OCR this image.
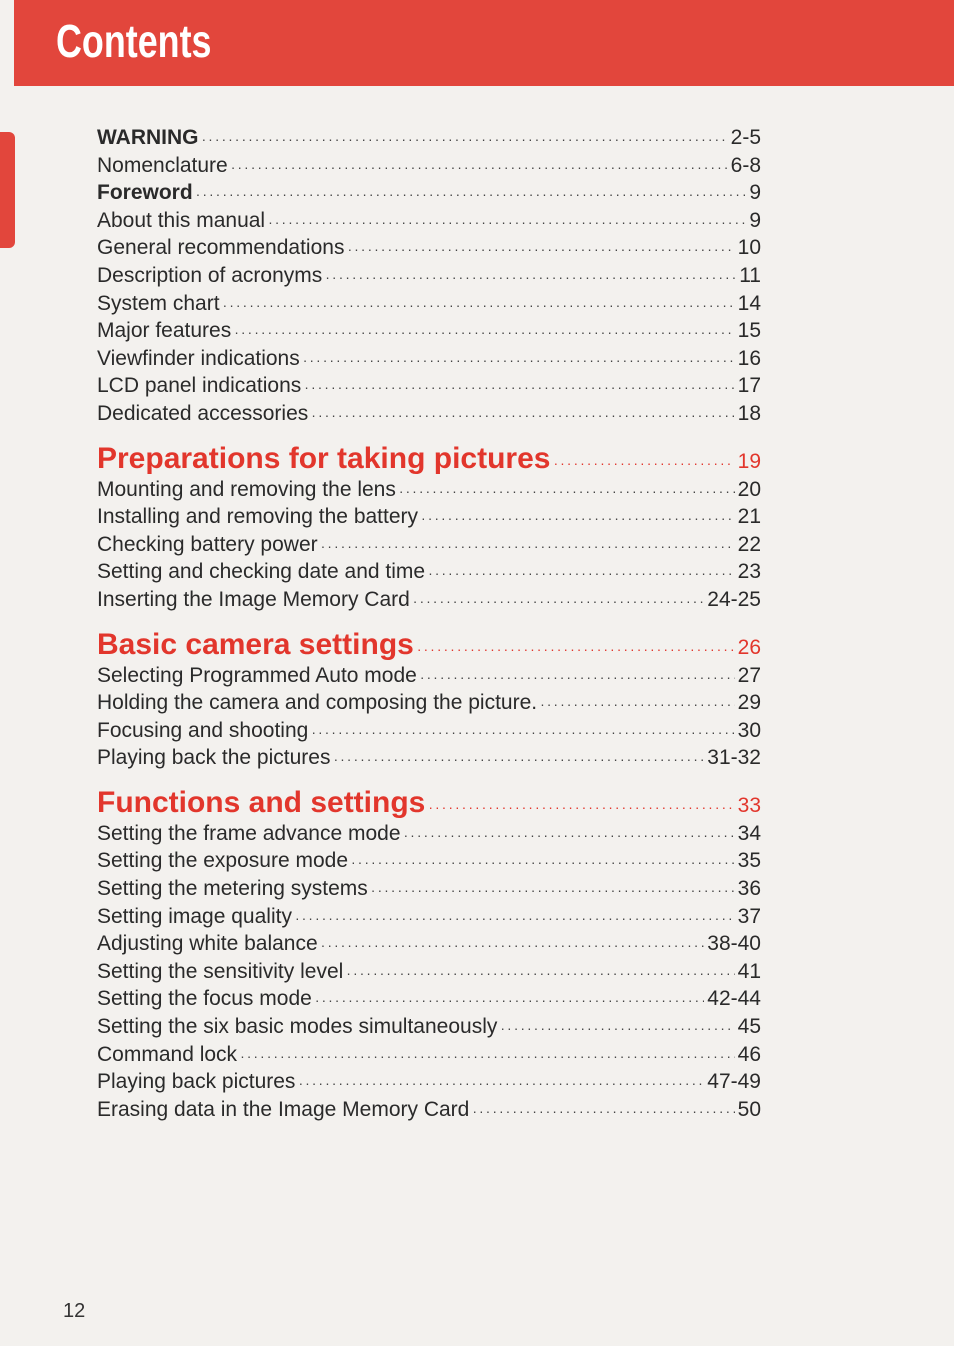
Contents
WARNING ·····	2-5
Nomenclature ·····	6-8
Foreword ·····	9
About this manual ·····	9
General recommendations ·····	10
Description of acronyms ·····	11
System chart ·····	14
Major features ·····	15
Viewfinder indications ·····	16
LCD panel indications ·····	17
Dedicated accessories ·····	18
Preparations for taking pictures ·····	19
Mounting and removing the lens ·····	20
Installing and removing the battery ·····	21
Checking battery power ·····	22
Setting and checking date and time ·····	23
Inserting the Image Memory Card ·····	24-25
Basic camera settings ·····	26
Selecting Programmed Auto mode ·····	27
Holding the camera and composing the picture. ·····	29
Focusing and shooting ·····	30
Playing back the pictures ·····	31-32
Functions and settings ·····	33
Setting the frame advance mode ·····	34
Setting the exposure mode ·····	35
Setting the metering systems ·····	36
Setting image quality ·····	37
Adjusting white balance ·····	38-40
Setting the sensitivity level ·····	41
Setting the focus mode ·····	42-44
Setting the six basic modes simultaneously ·····	45
Command lock ·····	46
Playing back pictures ·····	47-49
Erasing data in the Image Memory Card ·····	50
12
